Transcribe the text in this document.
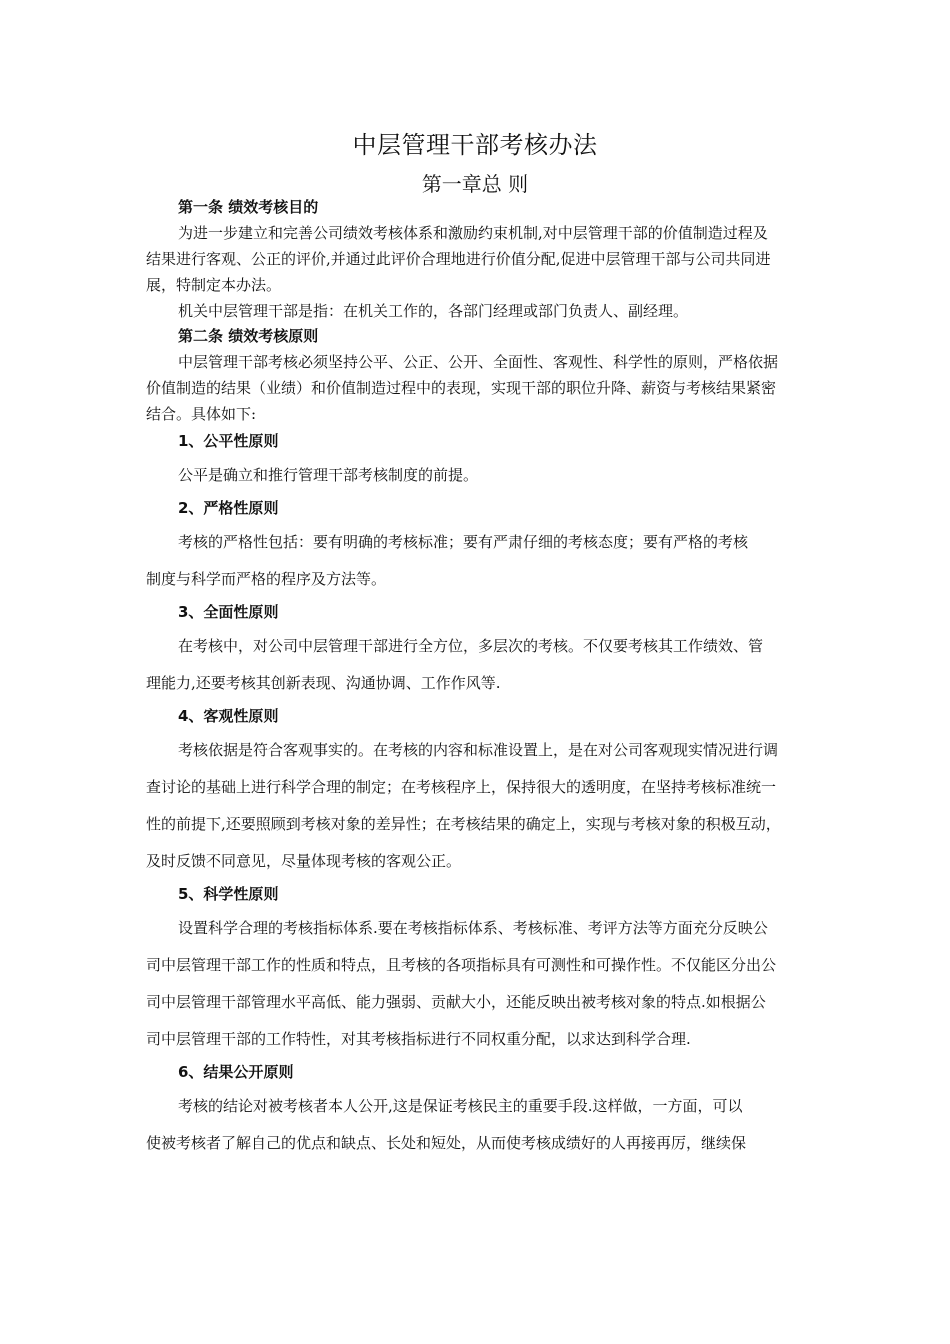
中层管理干部考核办法
第一章总 则
第一条 绩效考核目的
为进一步建立和完善公司绩效考核体系和激励约束机制,对中层管理干部的价值制造过程及
结果进行客观、公正的评价,并通过此评价合理地进行价值分配,促进中层管理干部与公司共同进
展，特制定本办法。
机关中层管理干部是指：在机关工作的，各部门经理或部门负责人、副经理。
第二条 绩效考核原则
中层管理干部考核必须坚持公平、公正、公开、全面性、客观性、科学性的原则，严格依据
价值制造的结果（业绩）和价值制造过程中的表现，实现干部的职位升降、薪资与考核结果紧密
结合。具体如下:
1、公平性原则
公平是确立和推行管理干部考核制度的前提。
2、严格性原则
考核的严格性包括：要有明确的考核标准；要有严肃仔细的考核态度；要有严格的考核
制度与科学而严格的程序及方法等。
3、全面性原则
在考核中，对公司中层管理干部进行全方位，多层次的考核。不仅要考核其工作绩效、管
理能力,还要考核其创新表现、沟通协调、工作作风等.
4、客观性原则
考核依据是符合客观事实的。在考核的内容和标准设置上，是在对公司客观现实情况进行调
查讨论的基础上进行科学合理的制定；在考核程序上，保持很大的透明度，在坚持考核标准统一
性的前提下,还要照顾到考核对象的差异性；在考核结果的确定上，实现与考核对象的积极互动，
及时反馈不同意见，尽量体现考核的客观公正。
5、科学性原则
设置科学合理的考核指标体系.要在考核指标体系、考核标准、考评方法等方面充分反映公
司中层管理干部工作的性质和特点，且考核的各项指标具有可测性和可操作性。不仅能区分出公
司中层管理干部管理水平高低、能力强弱、贡献大小，还能反映出被考核对象的特点.如根据公
司中层管理干部的工作特性，对其考核指标进行不同权重分配，以求达到科学合理.
6、结果公开原则
考核的结论对被考核者本人公开,这是保证考核民主的重要手段.这样做，一方面，可以
使被考核者了解自己的优点和缺点、长处和短处，从而使考核成绩好的人再接再厉，继续保
